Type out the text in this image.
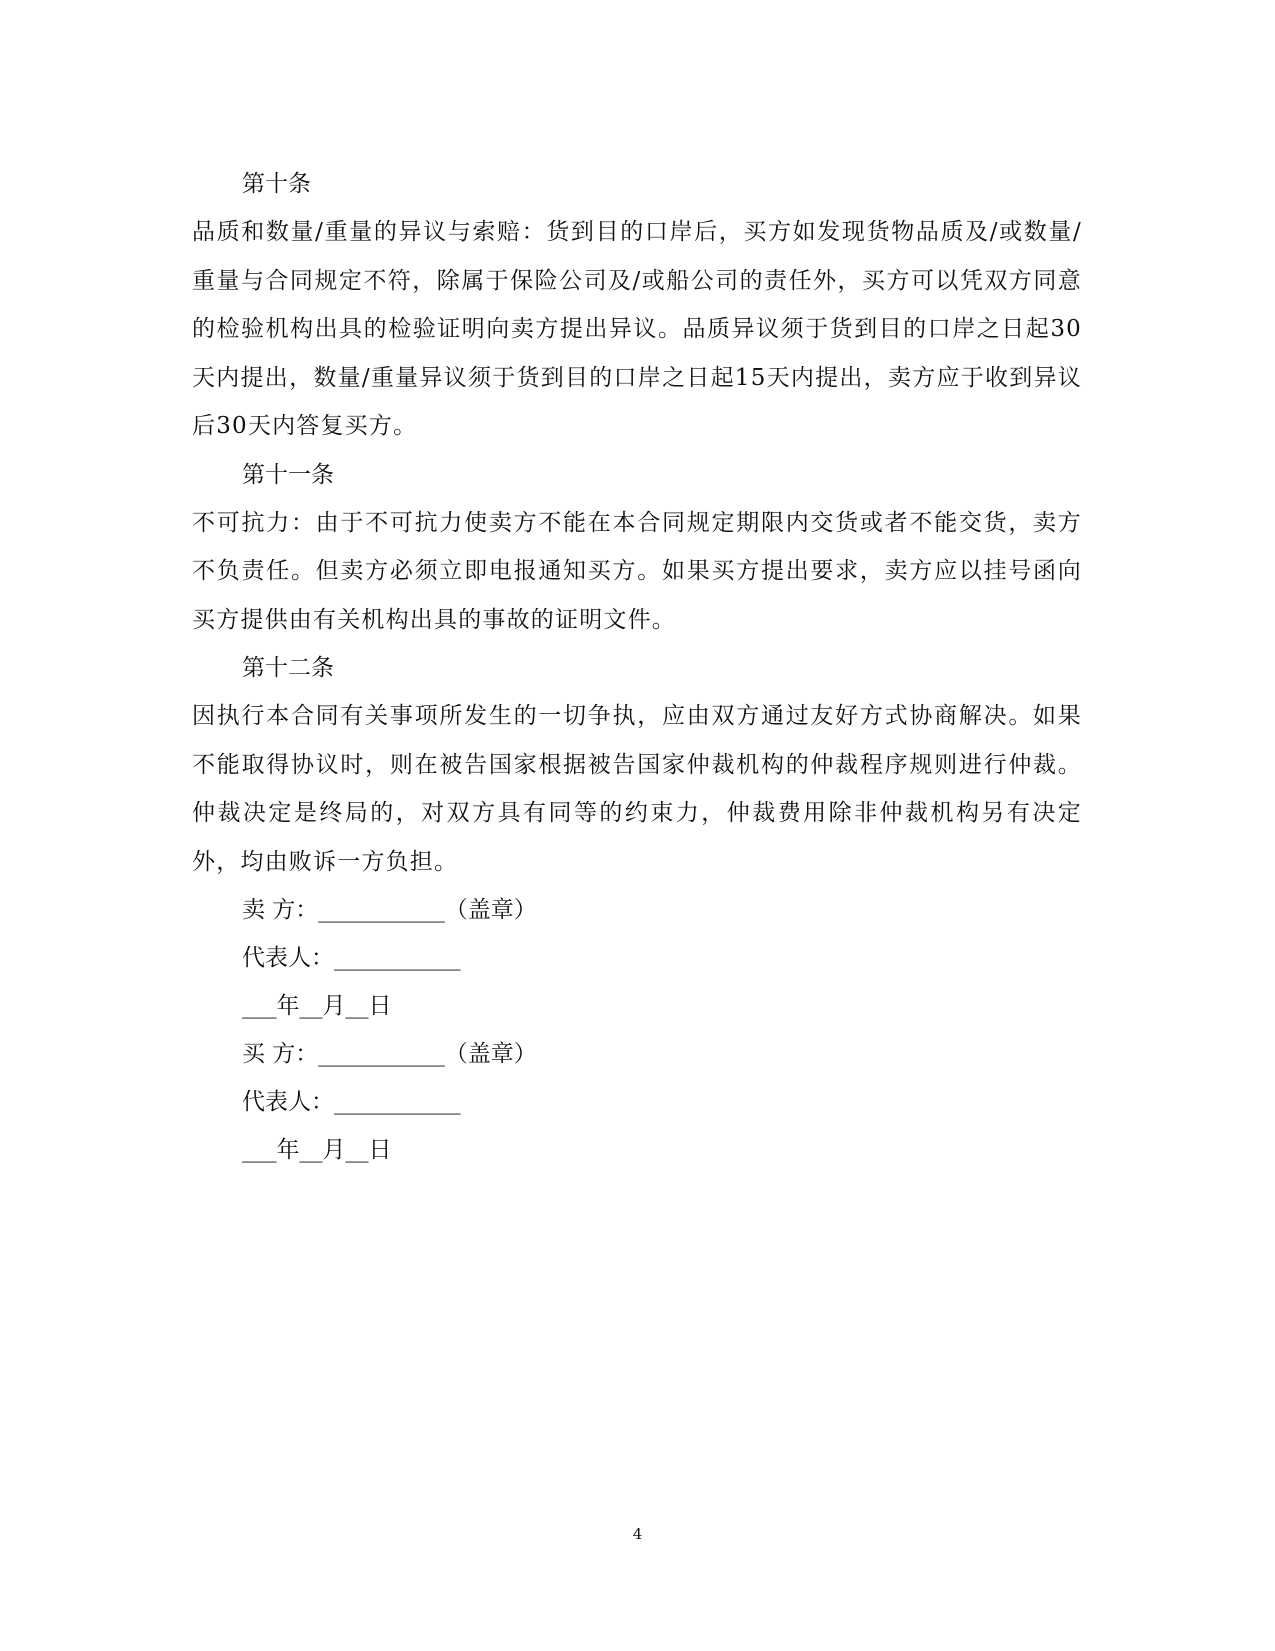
第十条
品质和数量/重量的异议与索赔：货到目的口岸后，买方如发现货物品质及/或数量/重量与合同规定不符，除属于保险公司及/或船公司的责任外，买方可以凭双方同意的检验机构出具的检验证明向卖方提出异议。品质异议须于货到目的口岸之日起30天内提出，数量/重量异议须于货到目的口岸之日起15天内提出，卖方应于收到异议后30天内答复买方。
第十一条
不可抗力：由于不可抗力使卖方不能在本合同规定期限内交货或者不能交货，卖方不负责任。但卖方必须立即电报通知买方。如果买方提出要求，卖方应以挂号函向买方提供由有关机构出具的事故的证明文件。
第十二条
因执行本合同有关事项所发生的一切争执，应由双方通过友好方式协商解决。如果不能取得协议时，则在被告国家根据被告国家仲裁机构的仲裁程序规则进行仲裁。仲裁决定是终局的，对双方具有同等的约束力，仲裁费用除非仲裁机构另有决定外，均由败诉一方负担。
卖 方：___________（盖章）
代表人：___________
___年__月__日
买 方：___________（盖章）
代表人：___________
___年__月__日
4
